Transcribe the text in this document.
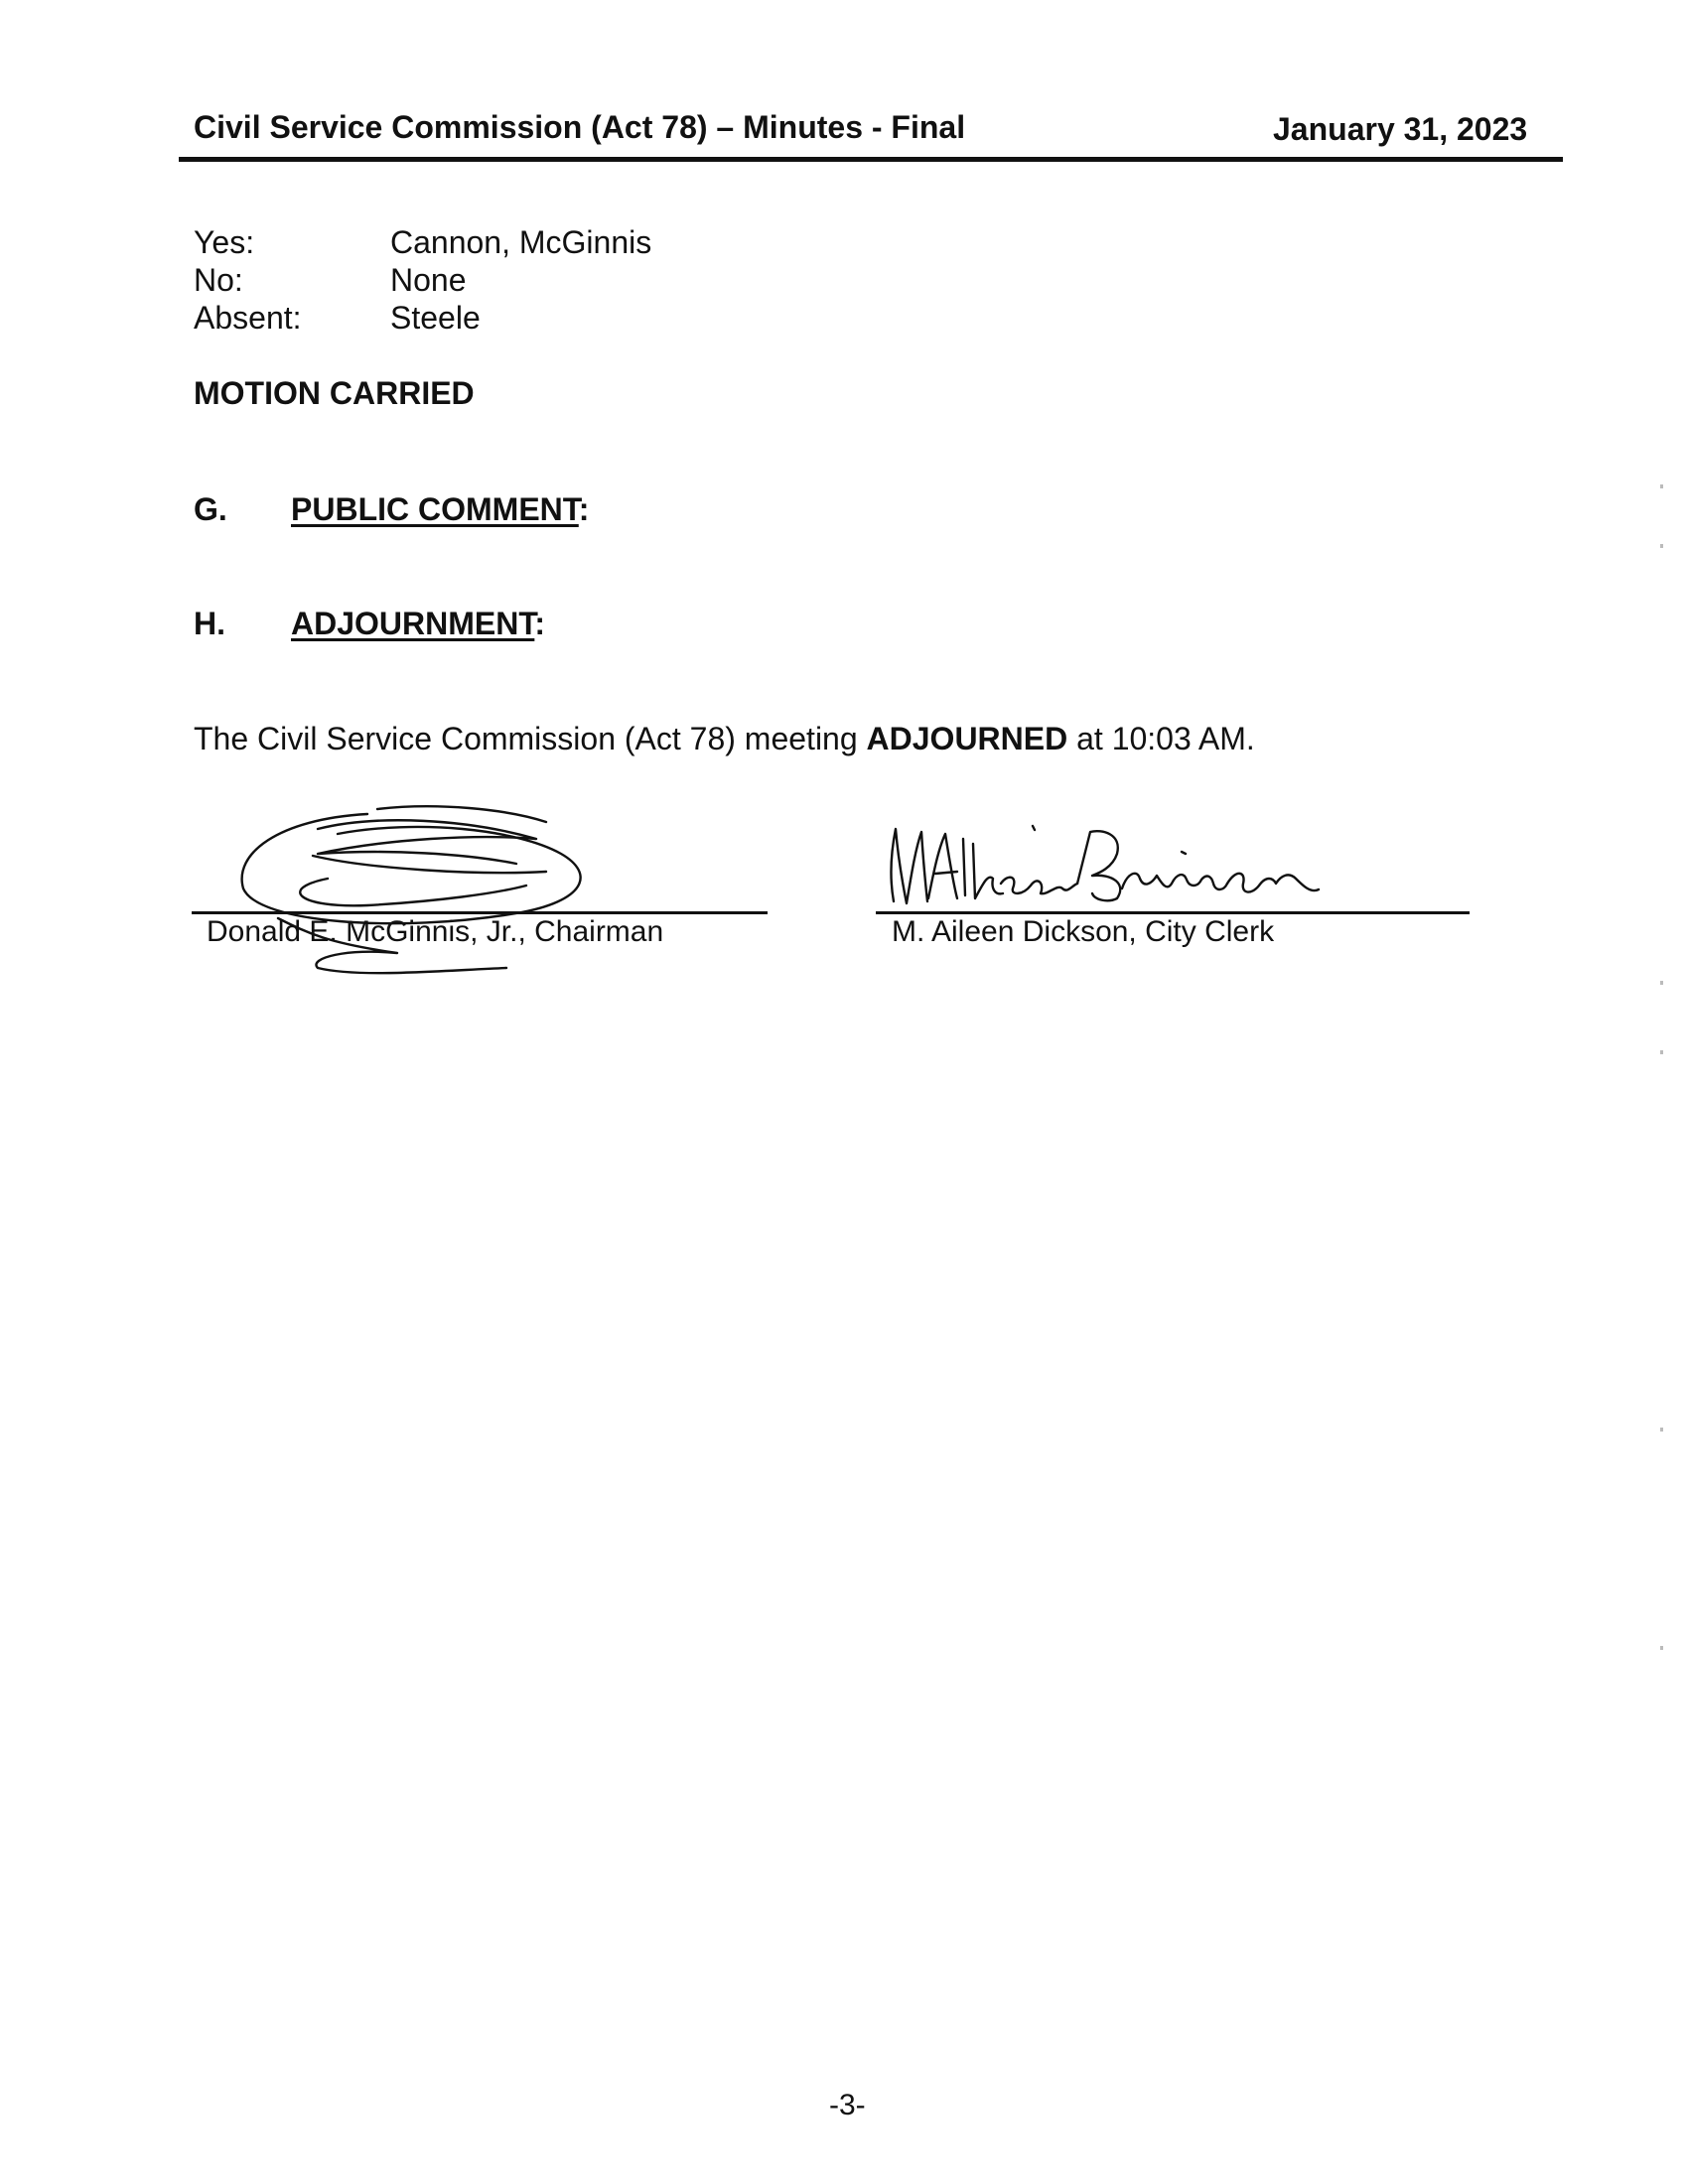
Civil Service Commission (Act 78) – Minutes - Final	January 31, 2023
Yes:	Cannon, McGinnis
No:	None
Absent:	Steele
MOTION CARRIED
G. PUBLIC COMMENT:
H. ADJOURNMENT:
The Civil Service Commission (Act 78) meeting ADJOURNED at 10:03 AM.
Donald E. McGinnis, Jr., Chairman	M. Aileen Dickson, City Clerk
-3-
